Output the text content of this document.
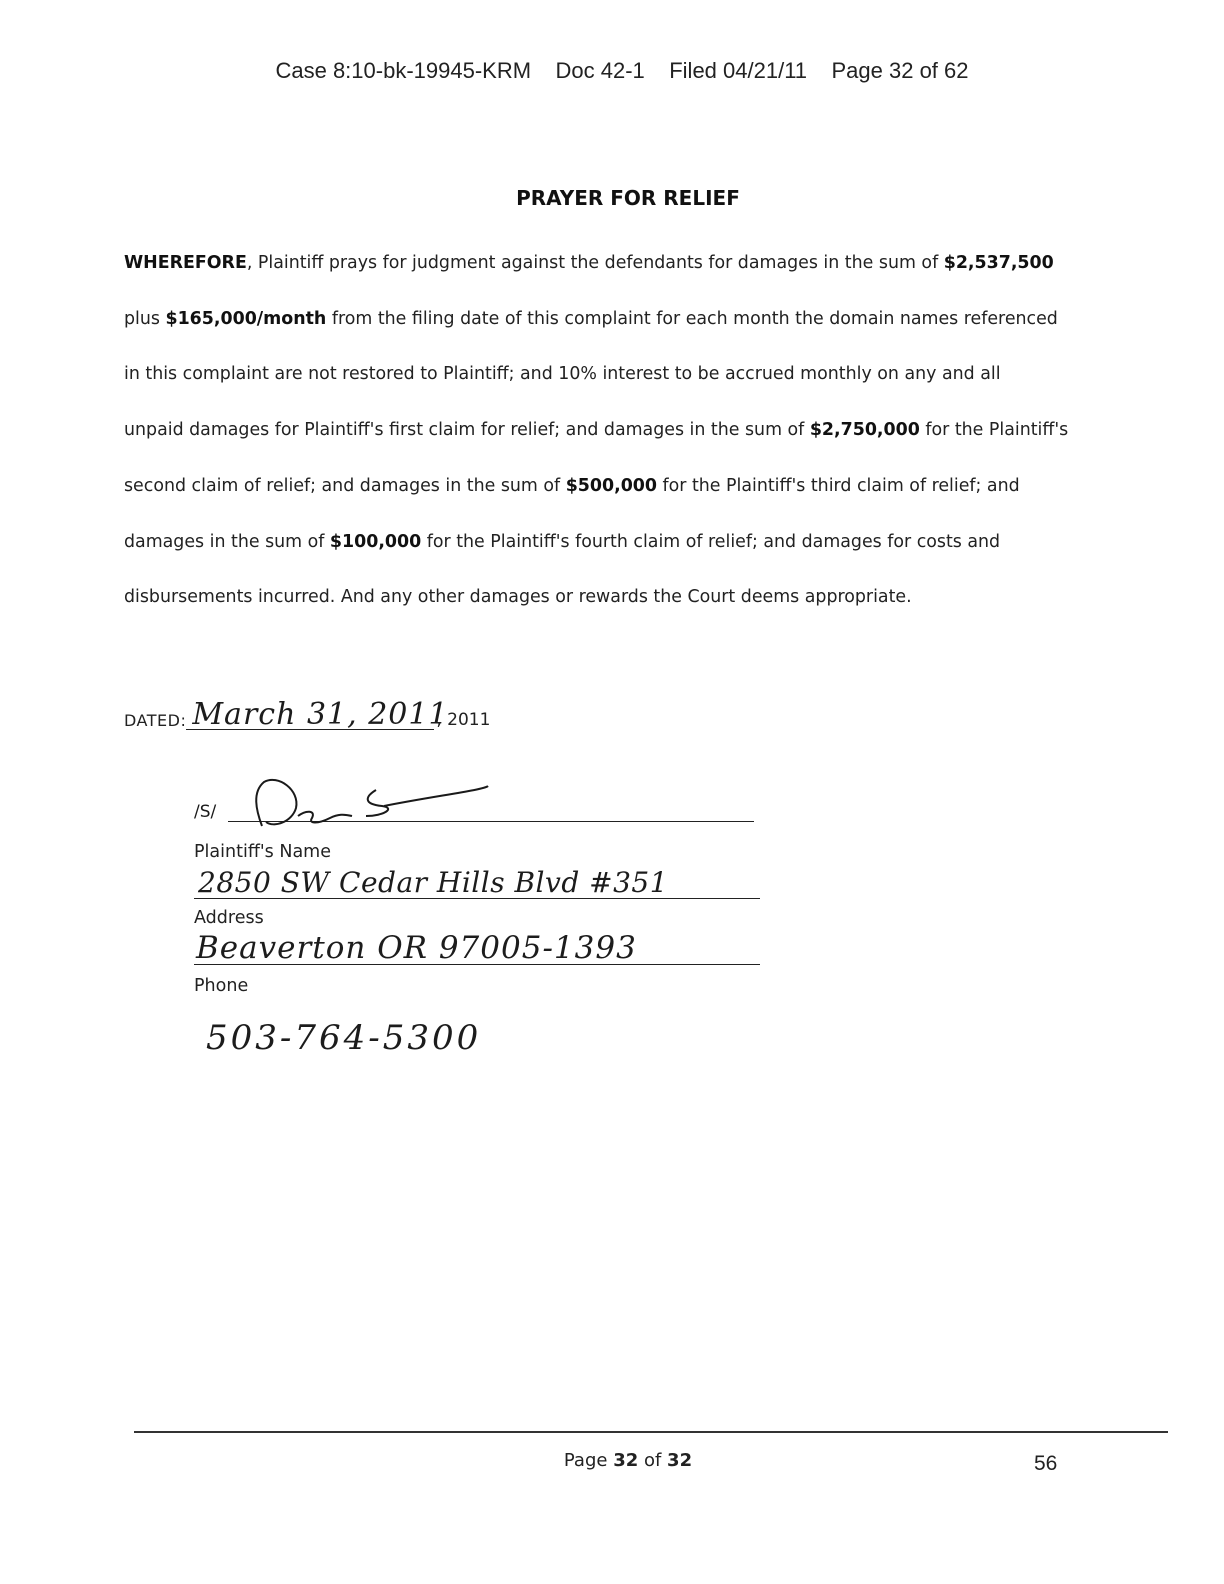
Case 8:10-bk-19945-KRM Doc 42-1 Filed 04/21/11 Page 32 of 62
PRAYER FOR RELIEF
WHEREFORE, Plaintiff prays for judgment against the defendants for damages in the sum of $2,537,500
plus $165,000/month from the filing date of this complaint for each month the domain names referenced
in this complaint are not restored to Plaintiff; and 10% interest to be accrued monthly on any and all
unpaid damages for Plaintiff's first claim for relief; and damages in the sum of $2,750,000 for the Plaintiff's
second claim of relief; and damages in the sum of $500,000 for the Plaintiff's third claim of relief; and
damages in the sum of $100,000 for the Plaintiff's fourth claim of relief; and damages for costs and
disbursements incurred. And any other damages or rewards the Court deems appropriate.
DATED: March 31, 2011
, 2011
/S/
Plaintiff's Name
2850 SW Cedar Hills Blvd #351
Address
Beaverton OR 97005-1393
Phone
503-764-5300
Page 32 of 32	56
